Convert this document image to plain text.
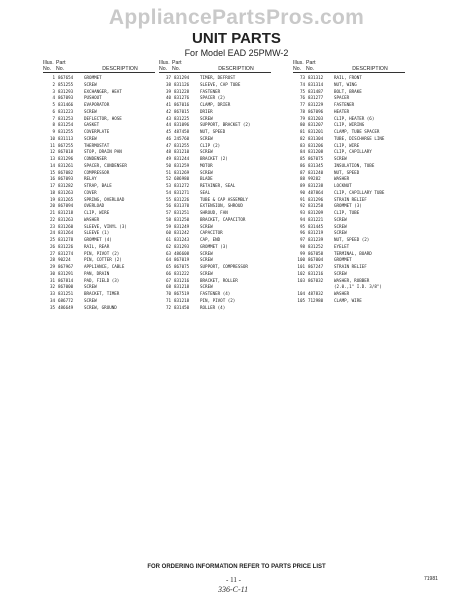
AppliancePartsPros.com
UNIT PARTS
For Model EAD 25PMW-2
Illus. Part
No. No.	DESCRIPTION
1 867654	GROMMET
2 851255	SCREW
3 831293	EXCHANGER, HEAT
4 867093	PUSHOUT
5 831466	EVAPORATOR
6 831223	SCREW
7 831253	DEFLECTOR, HOSE
8 831254	GASKET
9 831255	COVERPLATE
10 831113	SCREW
11 867255	THERMOSTAT
12 867018	STOP, DRAIN PAN
13 831296	CONDENSER
14 831261	SPACER, CONDENSER
15 867082	COMPRESSOR
16 867093	RELAY
17 831282	STRAP, BALE
18 831263	COVER
19 831265	SPRING, OVERLOAD
20 867094	OVERLOAD
21 831218	CLIP, WIRE
22 831263	WASHER
23 831260	SLEEVE, VINYL (3)
24 831264	SLEEVE (1)
25 831278	GROMMET (4)
26 831226	RAIL, REAR
27 831274	PIN, PIVOT (2)
28 90224	PIN, COTTER (2)
29 867967	APPLIANCE, CABLE
30 831291	PAN, DRAIN
31 867814	PAD, FIELD (3)
32 867000	SCREW
33 831251	BRACKET, TIMER
34 686772	SCREW
35 486649	SCREW, GROUND
Illus. Part
No. No.	DESCRIPTION
37 831294	TIMER, DEFROST
38 831126	SLEEVE, CAP TUBE
39 831228	FASTENER
40 831276	SPACER (2)
41 867016	CLAMP, DRIER
42 867015	DRIER
43 831225	SCREW
44 831096	SUPPORT, BRACKET (2)
45 487458	NUT, SPEED
46 245760	SCREW
47 831255	CLIP (2)
48 831210	SCREW
49 831244	BRACKET (2)
50 831259	MOTOR
51 831269	SCREW
52 686980	BLADE
53 831272	RETAINER, SEAL
54 831271	SEAL
55 831226	TUBE & CAP ASSEMBLY
56 831370	EXTENSION, SHROUD
57 831251	SHROUD, FAN
58 831250	BRACKET, CAPACITOR
59 831249	SCREW
60 831242	CAPACITOR
61 831243	CAP, END
62 831293	GROMMET (3)
63 486608	SCREW
64 867019	SCREW
65 867075	SUPPORT, COMPRESSOR
66 831222	SCREW
67 831216	BRACKET, ROLLER
68 831218	SCREW
70 867519	FASTENER (4)
71 831218	PIN, PIVOT (2)
72 831450	ROLLER (4)
Illus. Part
No. No.	DESCRIPTION
73 831312	RAIL, FRONT
74 831314	NUT, WING
75 831487	BOLT, BRAKE
76 831277	SPACER
77 831229	FASTENER
78 867096	HEATER
79 831203	CLIP, HEATER (6)
80 831207	CLIP, WIRING
81 831201	CLAMP, TUBE SPACER
82 831304	TUBE, DISCHARGE LINE
83 831206	CLIP, WIRE
84 831208	CLIP, CAPILLARY
85 867075	SCREW
86 831345	INSULATION, TUBE
87 831240	NUT, SPEED
88 99282	WASHER
89 831238	LOCKNUT
90 487864	CLIP, CAPILLARY TUBE
91 831296	STRAIN RELIEF
92 831258	GROMMET (3)
93 831209	CLIP, TUBE
94 831221	SCREW
95 831445	SCREW
96 831219	SCREW
97 831239	NUT, SPEED (2)
98 831252	EYELET
99 867058	TERMINAL, BOARD
100 867004	GROMMET
101 867247	STRAIN RELIEF
102 831216	SCREW
103 867032	WASHER, RUBBER
(2.0.,1" I.D. 3/8")
104 487832	WASHER
105 712980	CLAMP, WIRE
FOR ORDERING INFORMATION REFER TO PARTS PRICE LIST
- 11 -
336-C-11
71981
